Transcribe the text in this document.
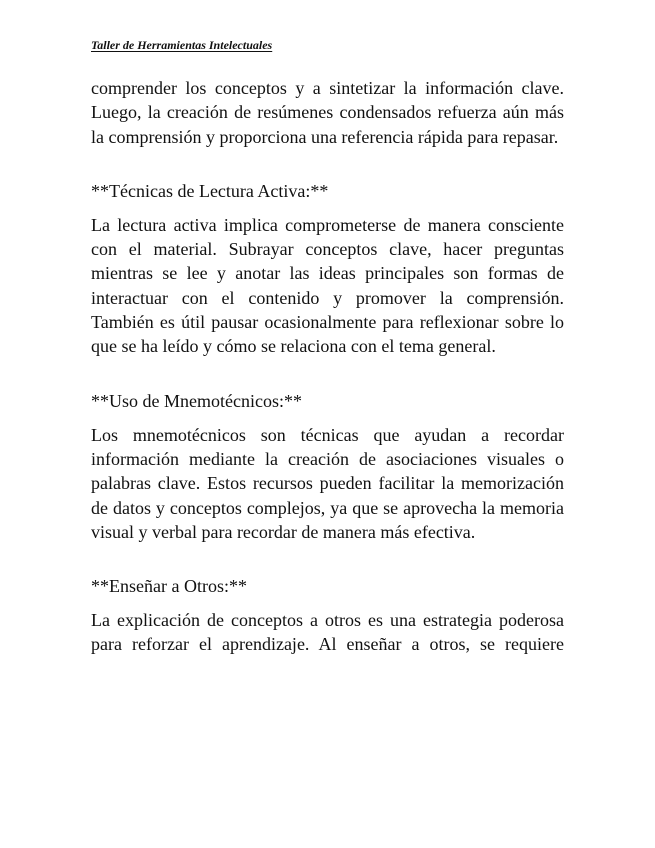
Taller de Herramientas Intelectuales

comprender los conceptos y a sintetizar la información clave. Luego, la creación de resúmenes condensados refuerza aún más la comprensión y proporciona una referencia rápida para repasar.

**Técnicas de Lectura Activa:**

La lectura activa implica comprometerse de manera consciente con el material. Subrayar conceptos clave, hacer preguntas mientras se lee y anotar las ideas principales son formas de interactuar con el contenido y promover la comprensión. También es útil pausar ocasionalmente para reflexionar sobre lo que se ha leído y cómo se relaciona con el tema general.

**Uso de Mnemotécnicos:**

Los mnemotécnicos son técnicas que ayudan a recordar información mediante la creación de asociaciones visuales o palabras clave. Estos recursos pueden facilitar la memorización de datos y conceptos complejos, ya que se aprovecha la memoria visual y verbal para recordar de manera más efectiva.

**Enseñar a Otros:**

La explicación de conceptos a otros es una estrategia poderosa para reforzar el aprendizaje. Al enseñar a otros, se requiere
